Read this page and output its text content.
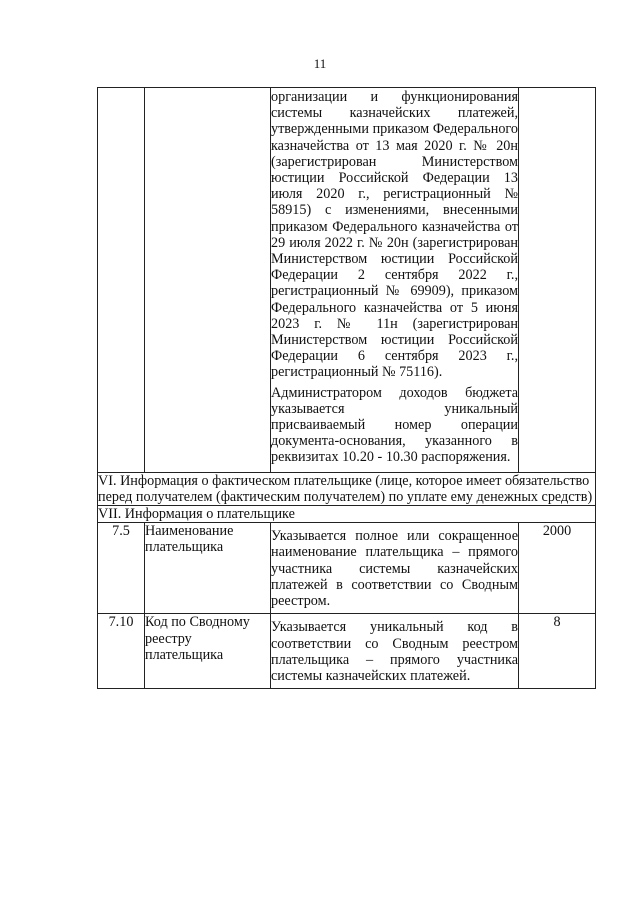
11

		организации и функционирования системы казначейских платежей, утвержденными приказом Федерального казначейства от 13 мая 2020 г. № 20н (зарегистрирован Министерством юстиции Российской Федерации 13 июля 2020 г., регистрационный № 58915) с изменениями, внесенными приказом Федерального казначейства от 29 июля 2022 г. № 20н (зарегистрирован Министерством юстиции Российской Федерации 2 сентября 2022 г., регистрационный № 69909), приказом Федерального казначейства от 5 июня 2023 г. № 11н (зарегистрирован Министерством юстиции Российской Федерации 6 сентября 2023 г., регистрационный № 75116).

Администратором доходов бюджета указывается уникальный присваиваемый номер операции документа-основания, указанного в реквизитах 10.20 - 10.30 распоряжения.	

VI. Информация о фактическом плательщике (лице, которое имеет обязательство перед получателем (фактическим получателем) по уплате ему денежных средств)			
VII. Информация о плательщике			
7.5	Наименование плательщика	Указывается полное или сокращенное наименование плательщика – прямого участника системы казначейских платежей в соответствии со Сводным реестром.	2000
7.10	Код по Сводному реестру плательщика	Указывается уникальный код в соответствии со Сводным реестром плательщика – прямого участника системы казначейских платежей.	8
